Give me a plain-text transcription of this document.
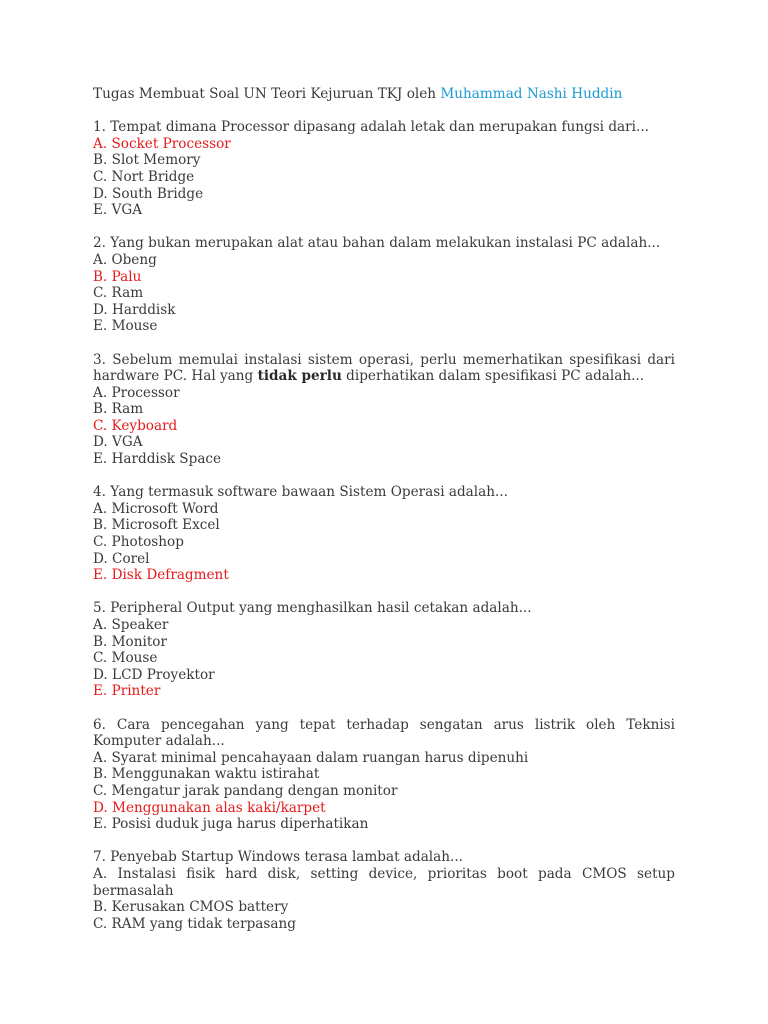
Tugas Membuat Soal UN Teori Kejuruan TKJ oleh Muhammad Nashi Huddin

1. Tempat dimana Processor dipasang adalah letak dan merupakan fungsi dari...
A. Socket Processor
B. Slot Memory
C. Nort Bridge
D. South Bridge
E. VGA
2. Yang bukan merupakan alat atau bahan dalam melakukan instalasi PC adalah...
A. Obeng
B. Palu
C. Ram
D. Harddisk
E. Mouse
3. Sebelum memulai instalasi sistem operasi, perlu memerhatikan spesifikasi dari hardware PC. Hal yang tidak perlu diperhatikan dalam spesifikasi PC adalah...
A. Processor
B. Ram
C. Keyboard
D. VGA
E. Harddisk Space
4. Yang termasuk software bawaan Sistem Operasi adalah...
A. Microsoft Word
B. Microsoft Excel
C. Photoshop
D. Corel
E. Disk Defragment
5. Peripheral Output yang menghasilkan hasil cetakan adalah...
A. Speaker
B. Monitor
C. Mouse
D. LCD Proyektor
E. Printer
6. Cara pencegahan yang tepat terhadap sengatan arus listrik oleh Teknisi Komputer adalah...
A. Syarat minimal pencahayaan dalam ruangan harus dipenuhi
B. Menggunakan waktu istirahat
C. Mengatur jarak pandang dengan monitor
D. Menggunakan alas kaki/karpet
E. Posisi duduk juga harus diperhatikan
7. Penyebab Startup Windows terasa lambat adalah...
A. Instalasi fisik hard disk, setting device, prioritas boot pada CMOS setup bermasalah
B. Kerusakan CMOS battery
C. RAM yang tidak terpasang
